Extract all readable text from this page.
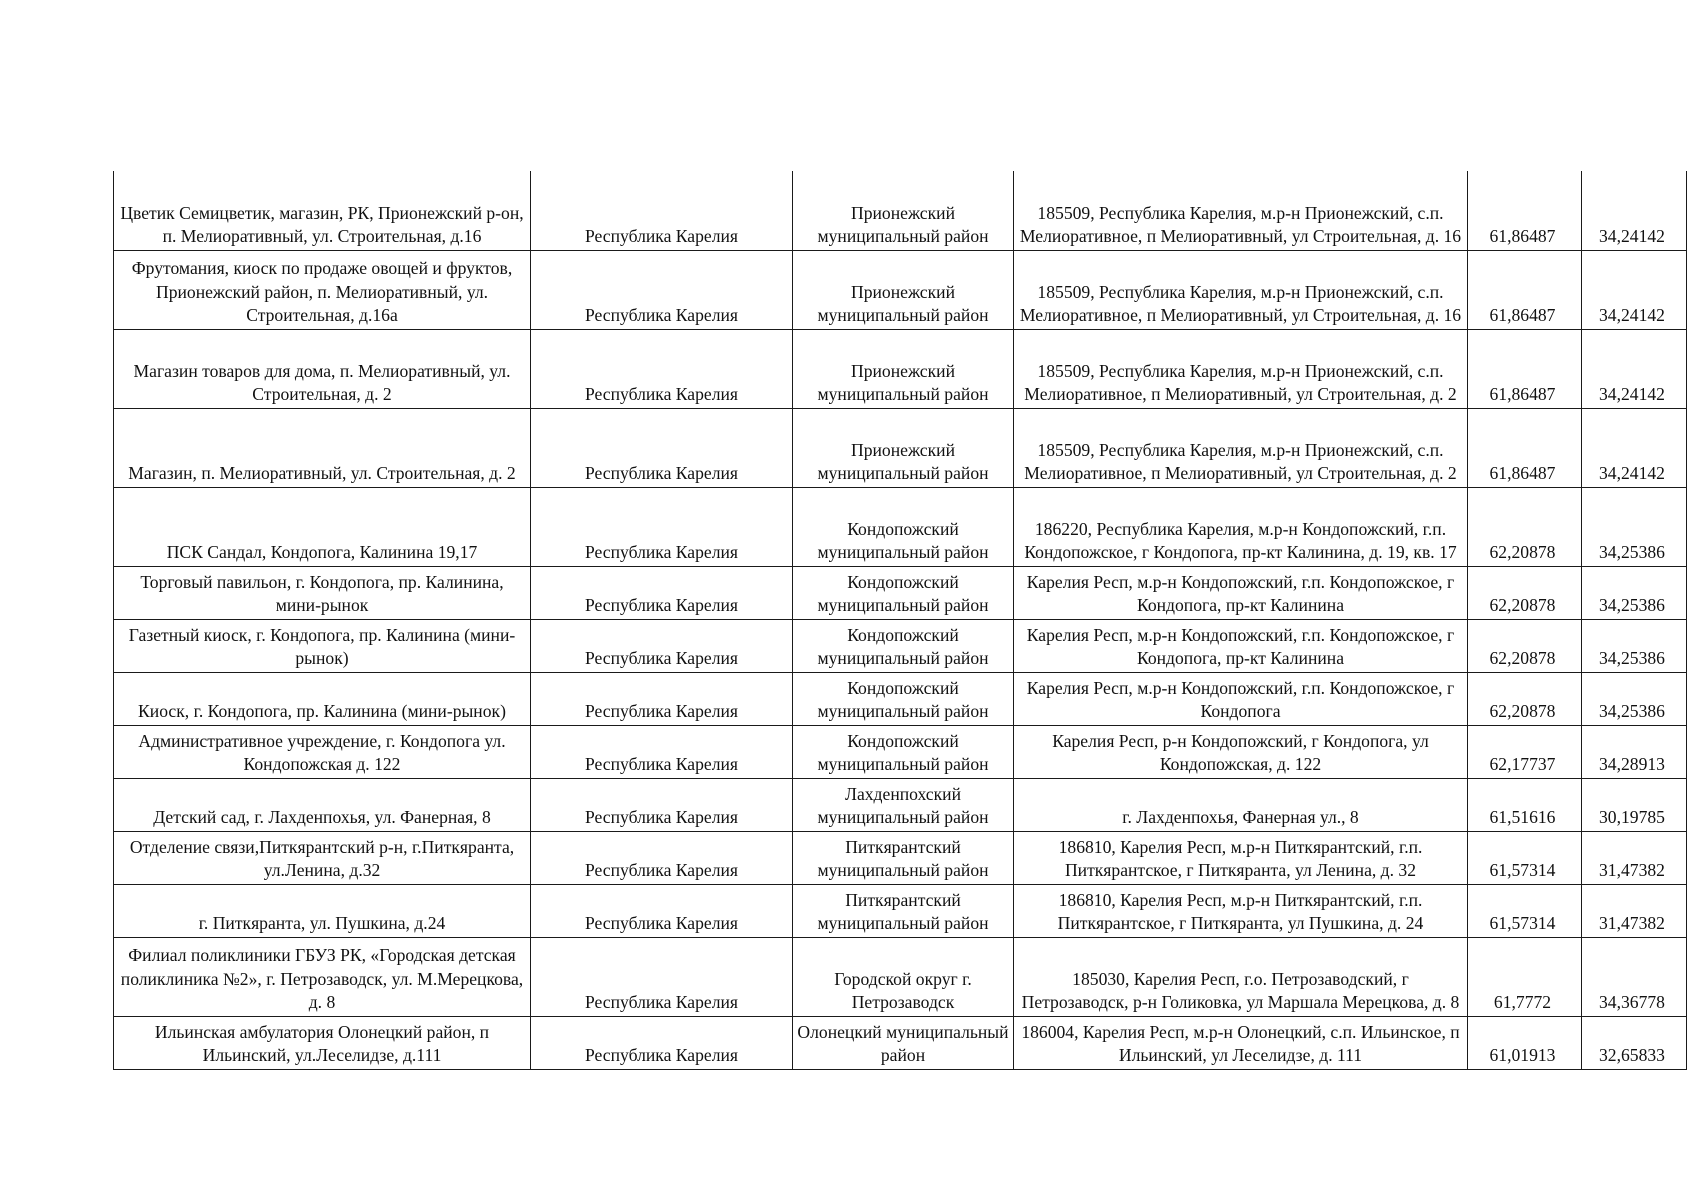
Цветик Семицветик, магазин, РК, Прионежский р-он, п. Мелиоративный, ул. Строительная, д.16	Республика Карелия	Прионежский муниципальный район	185509, Республика Карелия, м.р-н Прионежский, с.п. Мелиоративное, п Мелиоративный, ул Строительная, д. 16	61,86487	34,24142
Фрутомания, киоск по продаже овощей и фруктов, Прионежский район, п. Мелиоративный, ул. Строительная, д.16а	Республика Карелия	Прионежский муниципальный район	185509, Республика Карелия, м.р-н Прионежский, с.п. Мелиоративное, п Мелиоративный, ул Строительная, д. 16	61,86487	34,24142
Магазин товаров для дома, п. Мелиоративный, ул. Строительная, д. 2	Республика Карелия	Прионежский муниципальный район	185509, Республика Карелия, м.р-н Прионежский, с.п. Мелиоративное, п Мелиоративный, ул Строительная, д. 2	61,86487	34,24142
Магазин, п. Мелиоративный, ул. Строительная, д. 2	Республика Карелия	Прионежский муниципальный район	185509, Республика Карелия, м.р-н Прионежский, с.п. Мелиоративное, п Мелиоративный, ул Строительная, д. 2	61,86487	34,24142
ПСК Сандал, Кондопога, Калинина 19,17	Республика Карелия	Кондопожский муниципальный район	186220, Республика Карелия, м.р-н Кондопожский, г.п. Кондопожское, г Кондопога, пр-кт Калинина, д. 19, кв. 17	62,20878	34,25386
Торговый павильон, г. Кондопога, пр. Калинина, мини-рынок	Республика Карелия	Кондопожский муниципальный район	Карелия Респ, м.р-н Кондопожский, г.п. Кондопожское, г Кондопога, пр-кт Калинина	62,20878	34,25386
Газетный киоск, г. Кондопога, пр. Калинина (мини-рынок)	Республика Карелия	Кондопожский муниципальный район	Карелия Респ, м.р-н Кондопожский, г.п. Кондопожское, г Кондопога, пр-кт Калинина	62,20878	34,25386
Киоск, г. Кондопога, пр. Калинина (мини-рынок)	Республика Карелия	Кондопожский муниципальный район	Карелия Респ, м.р-н Кондопожский, г.п. Кондопожское, г Кондопога	62,20878	34,25386
Административное учреждение, г. Кондопога ул. Кондопожская д. 122	Республика Карелия	Кондопожский муниципальный район	Карелия Респ, р-н Кондопожский, г Кондопога, ул Кондопожская, д. 122	62,17737	34,28913
Детский сад, г. Лахденпохья, ул. Фанерная, 8	Республика Карелия	Лахденпохский муниципальный район	г. Лахденпохья, Фанерная ул., 8	61,51616	30,19785
Отделение связи,Питкярантский р-н, г.Питкяранта, ул.Ленина, д.32	Республика Карелия	Питкярантский муниципальный район	186810, Карелия Респ, м.р-н Питкярантский, г.п. Питкярантское, г Питкяранта, ул Ленина, д. 32	61,57314	31,47382
г. Питкяранта, ул. Пушкина, д.24	Республика Карелия	Питкярантский муниципальный район	186810, Карелия Респ, м.р-н Питкярантский, г.п. Питкярантское, г Питкяранта, ул Пушкина, д. 24	61,57314	31,47382
Филиал поликлиники ГБУЗ РК, «Городская детская поликлиника №2», г. Петрозаводск, ул. М.Мерецкова, д. 8	Республика Карелия	Городской округ г. Петрозаводск	185030, Карелия Респ, г.о. Петрозаводский, г Петрозаводск, р-н Голиковка, ул Маршала Мерецкова, д. 8	61,7772	34,36778
Ильинская амбулатория Олонецкий район, п Ильинский, ул.Леселидзе, д.111	Республика Карелия	Олонецкий муниципальный район	186004, Карелия Респ, м.р-н Олонецкий, с.п. Ильинское, п Ильинский, ул Леселидзе, д. 111	61,01913	32,65833
